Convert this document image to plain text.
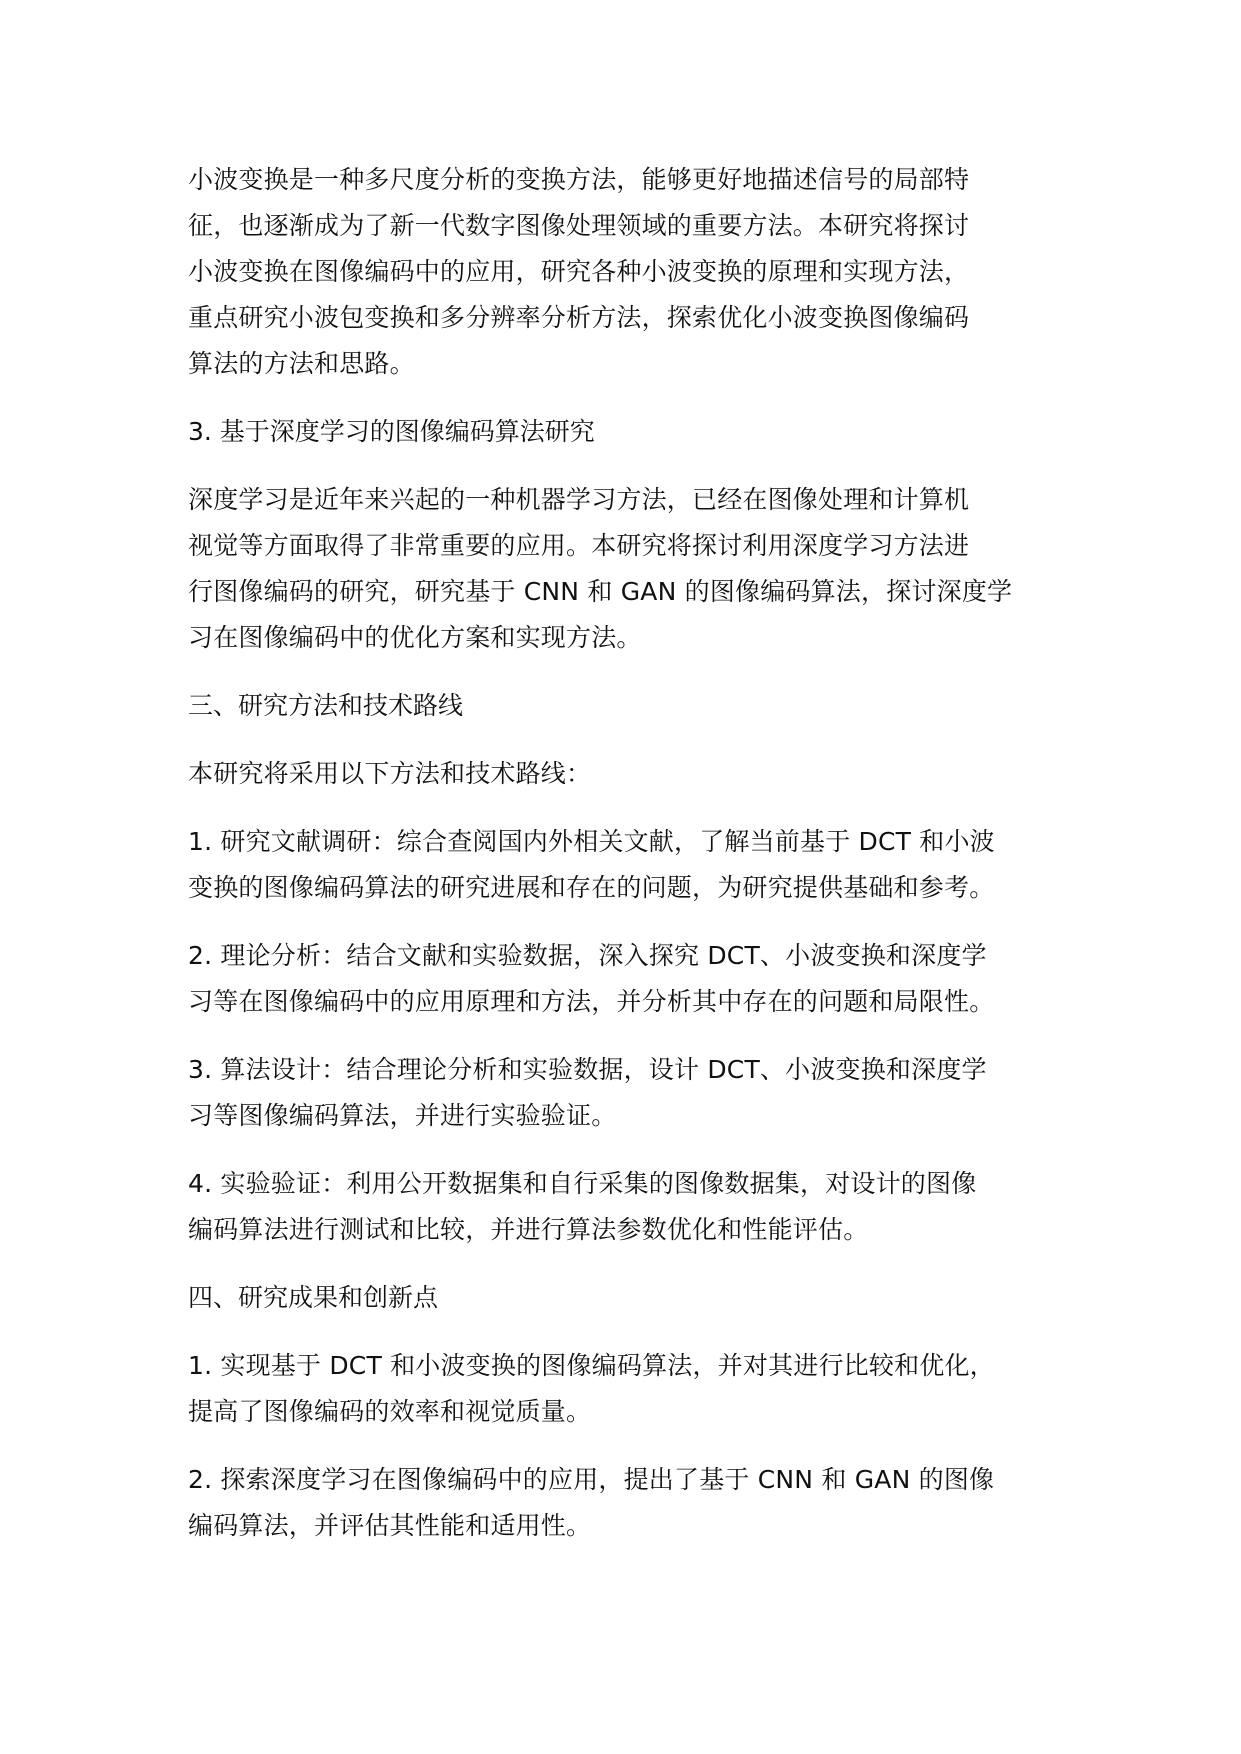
小波变换是一种多尺度分析的变换方法，能够更好地描述信号的局部特
征，也逐渐成为了新一代数字图像处理领域的重要方法。本研究将探讨
小波变换在图像编码中的应用，研究各种小波变换的原理和实现方法，
重点研究小波包变换和多分辨率分析方法，探索优化小波变换图像编码
算法的方法和思路。

3. 基于深度学习的图像编码算法研究

深度学习是近年来兴起的一种机器学习方法，已经在图像处理和计算机
视觉等方面取得了非常重要的应用。本研究将探讨利用深度学习方法进
行图像编码的研究，研究基于 CNN 和 GAN 的图像编码算法，探讨深度学
习在图像编码中的优化方案和实现方法。

三、研究方法和技术路线

本研究将采用以下方法和技术路线：

1. 研究文献调研：综合查阅国内外相关文献，了解当前基于 DCT 和小波
变换的图像编码算法的研究进展和存在的问题，为研究提供基础和参考。

2. 理论分析：结合文献和实验数据，深入探究 DCT、小波变换和深度学
习等在图像编码中的应用原理和方法，并分析其中存在的问题和局限性。

3. 算法设计：结合理论分析和实验数据，设计 DCT、小波变换和深度学
习等图像编码算法，并进行实验验证。

4. 实验验证：利用公开数据集和自行采集的图像数据集，对设计的图像
编码算法进行测试和比较，并进行算法参数优化和性能评估。

四、研究成果和创新点

1. 实现基于 DCT 和小波变换的图像编码算法，并对其进行比较和优化，
提高了图像编码的效率和视觉质量。

2. 探索深度学习在图像编码中的应用，提出了基于 CNN 和 GAN 的图像
编码算法，并评估其性能和适用性。
